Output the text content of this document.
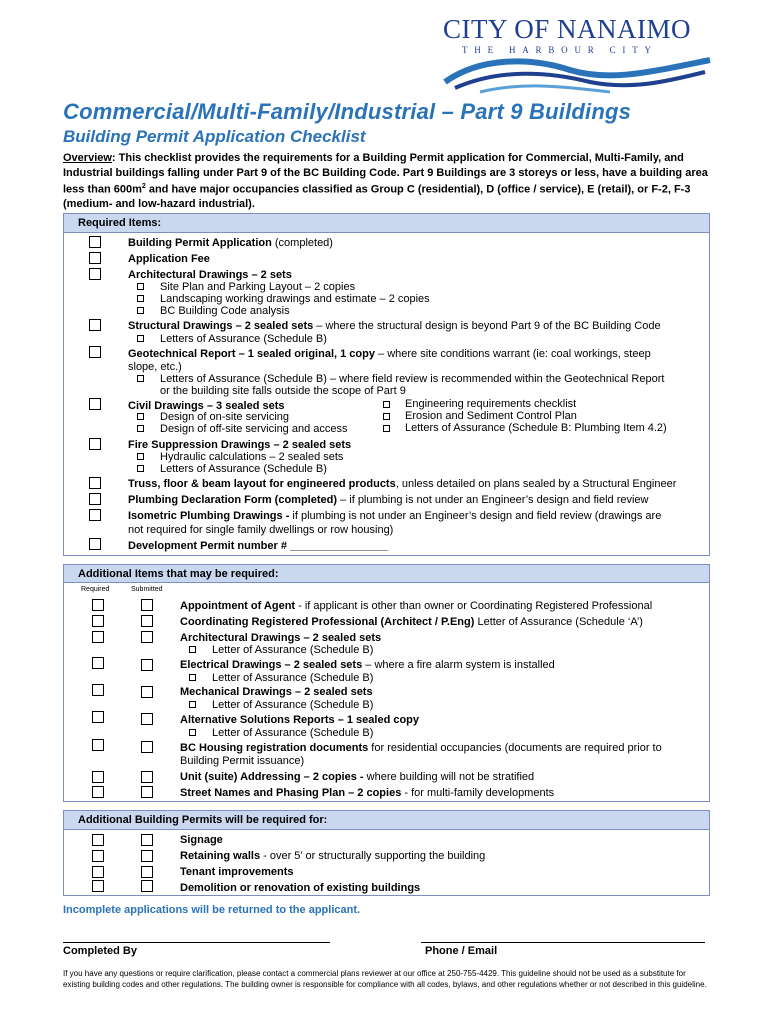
CITY OF NANAIMO
THE HARBOUR CITY
Commercial/Multi-Family/Industrial – Part 9 Buildings
Building Permit Application Checklist
Overview: This checklist provides the requirements for a Building Permit application for Commercial, Multi-Family, and Industrial buildings falling under Part 9 of the BC Building Code. Part 9 Buildings are 3 storeys or less, have a building area less than $600m^2$ and have major occupancies classified as Group C (residential), D (office / service), E (retail), or F-2, F-3 (medium- and low-hazard industrial).
Required Items:
Building Permit Application (completed)
Application Fee
Architectural Drawings – 2 sets
Site Plan and Parking Layout – 2 copies
Landscaping working drawings and estimate – 2 copies
BC Building Code analysis
Structural Drawings – 2 sealed sets – where the structural design is beyond Part 9 of the BC Building Code
Letters of Assurance (Schedule B)
Geotechnical Report – 1 sealed original, 1 copy – where site conditions warrant (ie: coal workings, steep
slope, etc.)
Letters of Assurance (Schedule B) – where field review is recommended within the Geotechnical Report
or the building site falls outside the scope of Part 9
Civil Drawings – 3 sealed sets
Design of on-site servicing
Design of off-site servicing and access
Engineering requirements checklist
Erosion and Sediment Control Plan
Letters of Assurance (Schedule B: Plumbing Item 4.2)
Fire Suppression Drawings – 2 sealed sets
Hydraulic calculations – 2 sealed sets
Letters of Assurance (Schedule B)
Truss, floor & beam layout for engineered products, unless detailed on plans sealed by a Structural Engineer
Plumbing Declaration Form (completed) – if plumbing is not under an Engineer’s design and field review
Isometric Plumbing Drawings - if plumbing is not under an Engineer’s design and field review (drawings are
not required for single family dwellings or row housing)
Development Permit number # ________________
Additional Items that may be required:
Required	Submitted
Appointment of Agent - if applicant is other than owner or Coordinating Registered Professional
Coordinating Registered Professional (Architect / P.Eng) Letter of Assurance (Schedule ‘A’)
Architectural Drawings – 2 sealed sets
Letter of Assurance (Schedule B)
Electrical Drawings – 2 sealed sets – where a fire alarm system is installed
Letter of Assurance (Schedule B)
Mechanical Drawings – 2 sealed sets
Letter of Assurance (Schedule B)
Alternative Solutions Reports – 1 sealed copy
Letter of Assurance (Schedule B)
BC Housing registration documents for residential occupancies (documents are required prior to
Building Permit issuance)
Unit (suite) Addressing – 2 copies - where building will not be stratified
Street Names and Phasing Plan – 2 copies - for multi-family developments
Additional Building Permits will be required for:
Signage
Retaining walls - over 5’ or structurally supporting the building
Tenant improvements
Demolition or renovation of existing buildings
Incomplete applications will be returned to the applicant.
Completed By	Phone / Email
If you have any questions or require clarification, please contact a commercial plans reviewer at our office at 250-755-4429. This guideline should not be used as a substitute for existing building codes and other regulations. The building owner is responsible for compliance with all codes, bylaws, and other regulations whether or not described in this guideline.
